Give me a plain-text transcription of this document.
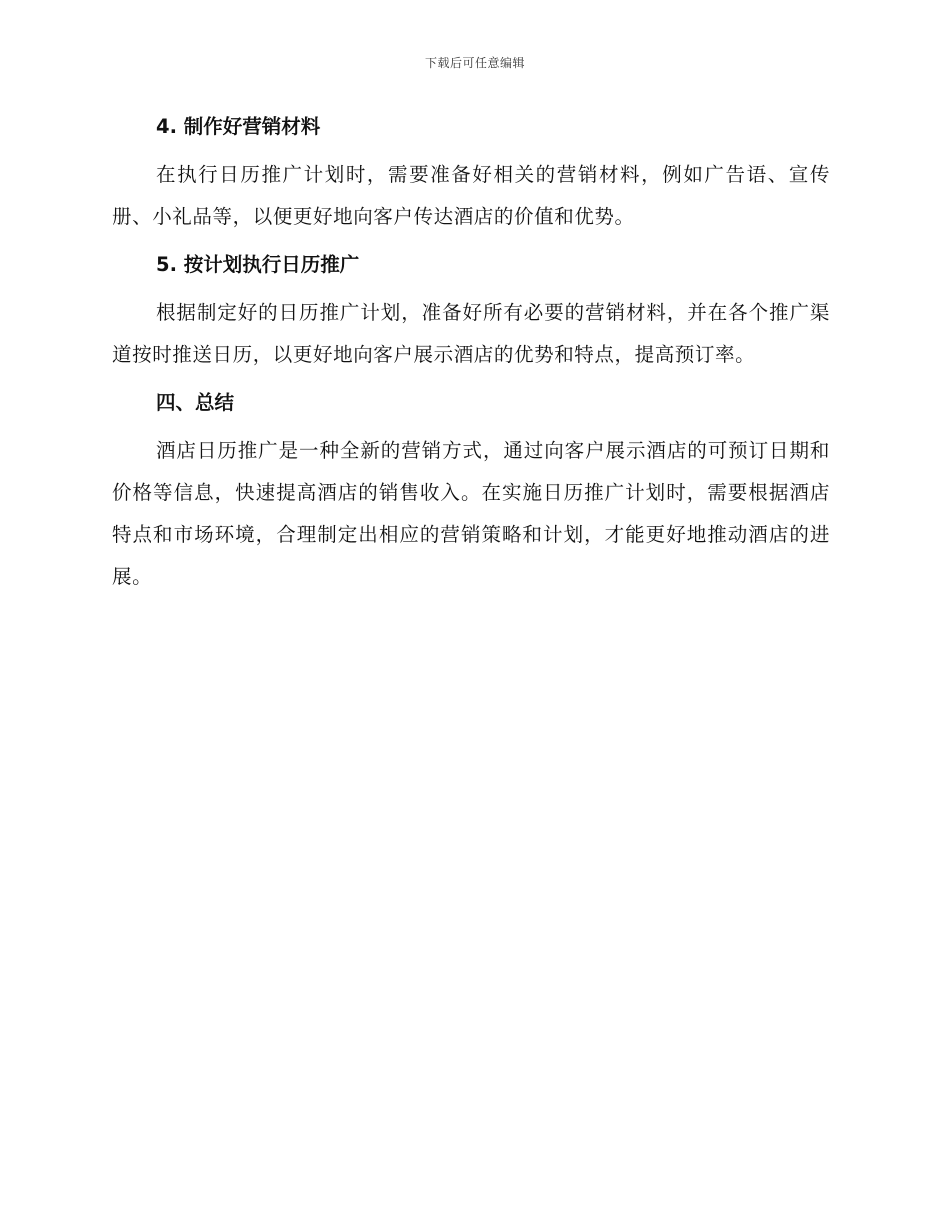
下载后可任意编辑
4. 制作好营销材料

在执行日历推广计划时，需要准备好相关的营销材料，例如广告语、宣传册、小礼品等，以便更好地向客户传达酒店的价值和优势。

5. 按计划执行日历推广

根据制定好的日历推广计划，准备好所有必要的营销材料，并在各个推广渠道按时推送日历，以更好地向客户展示酒店的优势和特点，提高预订率。

四、总结

酒店日历推广是一种全新的营销方式，通过向客户展示酒店的可预订日期和价格等信息，快速提高酒店的销售收入。在实施日历推广计划时，需要根据酒店特点和市场环境，合理制定出相应的营销策略和计划，才能更好地推动酒店的进展。
